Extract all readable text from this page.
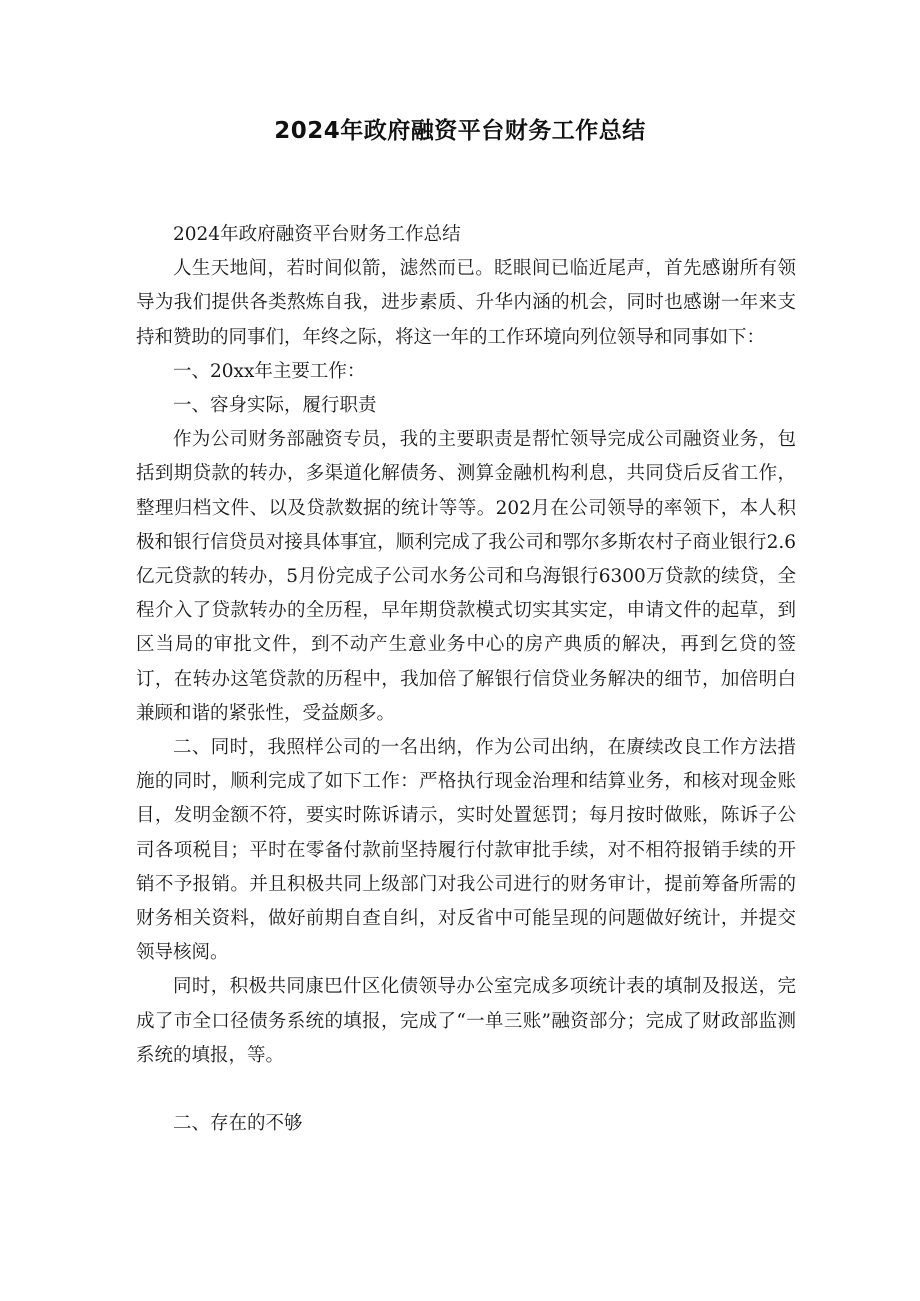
2024年政府融资平台财务工作总结

2024年政府融资平台财务工作总结

人生天地间，若时间似箭，滤然而已。眨眼间已临近尾声，首先感谢所有领导为我们提供各类熬炼自我，进步素质、升华内涵的机会，同时也感谢一年来支持和赞助的同事们，年终之际，将这一年的工作环境向列位领导和同事如下：

一、20xx年主要工作：

一、容身实际，履行职责

作为公司财务部融资专员，我的主要职责是帮忙领导完成公司融资业务，包括到期贷款的转办，多渠道化解债务、测算金融机构利息，共同贷后反省工作，整理归档文件、以及贷款数据的统计等等。202月在公司领导的率领下，本人积极和银行信贷员对接具体事宜，顺利完成了我公司和鄂尔多斯农村子商业银行2.6亿元贷款的转办，5月份完成子公司水务公司和乌海银行6300万贷款的续贷，全程介入了贷款转办的全历程，早年期贷款模式切实其实定，申请文件的起草，到区当局的审批文件，到不动产生意业务中心的房产典质的解决，再到乞贷的签订，在转办这笔贷款的历程中，我加倍了解银行信贷业务解决的细节，加倍明白兼顾和谐的紧张性，受益颇多。

二、同时，我照样公司的一名出纳，作为公司出纳，在赓续改良工作方法措施的同时，顺利完成了如下工作：严格执行现金治理和结算业务，和核对现金账目，发明金额不符，要实时陈诉请示，实时处置惩罚；每月按时做账，陈诉子公司各项税目；平时在零备付款前坚持履行付款审批手续，对不相符报销手续的开销不予报销。并且积极共同上级部门对我公司进行的财务审计，提前筹备所需的财务相关资料，做好前期自查自纠，对反省中可能呈现的问题做好统计，并提交领导核阅。

同时，积极共同康巴什区化债领导办公室完成多项统计表的填制及报送，完成了市全口径债务系统的填报，完成了“一单三账”融资部分；完成了财政部监测系统的填报，等。

二、存在的不够
